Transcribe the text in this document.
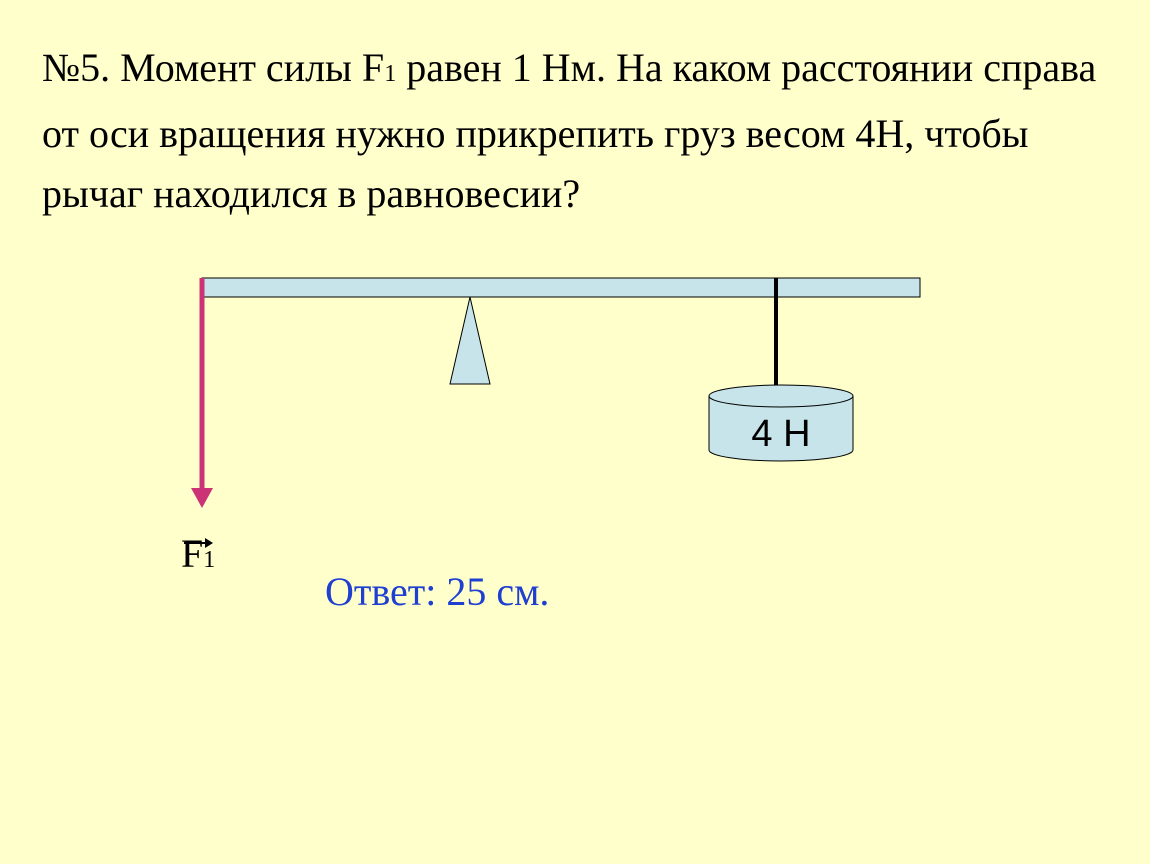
№5. Момент силы F1 равен 1 Нм. На каком расстоянии справа от оси вращения нужно прикрепить груз весом 4Н, чтобы рычаг находился в равновесии?
4 Н
F1
Ответ: 25 см.
